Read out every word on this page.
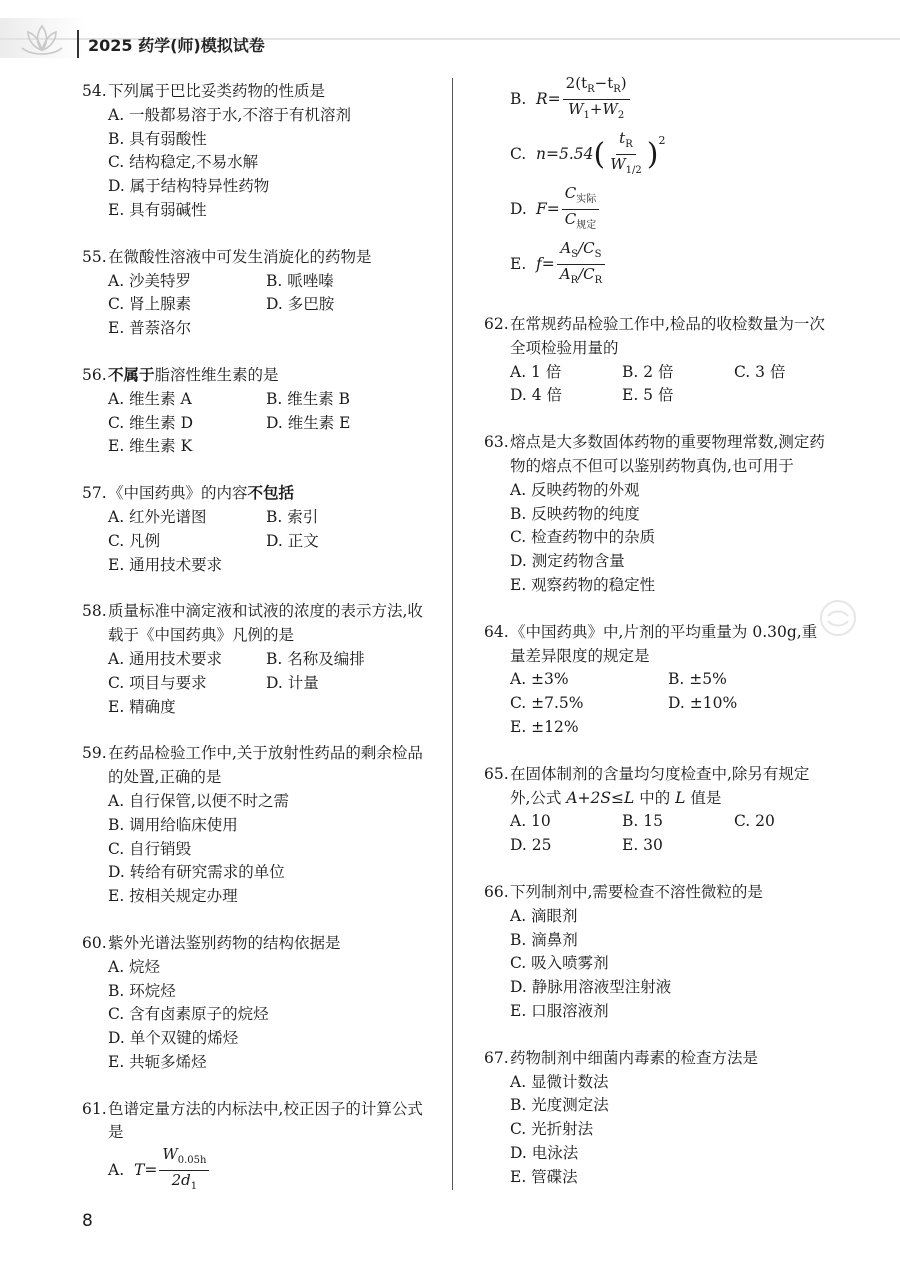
2025 药学(师)模拟试卷
54. 下列属于巴比妥类药物的性质是
A. 一般都易溶于水,不溶于有机溶剂
B. 具有弱酸性
C. 结构稳定,不易水解
D. 属于结构特异性药物
E. 具有弱碱性
55. 在微酸性溶液中可发生消旋化的药物是
A. 沙美特罗	B. 哌唑嗪
C. 肾上腺素	D. 多巴胺
E. 普萘洛尔
56. 不属于脂溶性维生素的是
A. 维生素 A	B. 维生素 B
C. 维生素 D	D. 维生素 E
E. 维生素 K
57. 《中国药典》的内容不包括
A. 红外光谱图	B. 索引
C. 凡例	D. 正文
E. 通用技术要求
58. 质量标准中滴定液和试液的浓度的表示方法,收载于《中国药典》凡例的是
A. 通用技术要求	B. 名称及编排
C. 项目与要求	D. 计量
E. 精确度
59. 在药品检验工作中,关于放射性药品的剩余检品的处置,正确的是
A. 自行保管,以便不时之需
B. 调用给临床使用
C. 自行销毁
D. 转给有研究需求的单位
E. 按相关规定办理
60. 紫外光谱法鉴别药物的结构依据是
A. 烷烃
B. 环烷烃
C. 含有卤素原子的烷烃
D. 单个双键的烯烃
E. 共轭多烯烃
61. 色谱定量方法的内标法中,校正因子的计算公式是
A. $T= \frac{W_{0.05h}}{2d_1}$
B. $R= \frac{2(t_R-t_R)}{W_1+W_2}$
C. n=5.54 ( $\frac{t_R}{W_{1/2}} )^2$
D. $F= \frac{C_{实际}}{C_{规定}}$
E. $f= \frac{A_S/C_S}{A_R/C_R}$
62. 在常规药品检验工作中,检品的收检数量为一次全项检验用量的
A. 1 倍	B. 2 倍	C. 3 倍
D. 4 倍	E. 5 倍
63. 熔点是大多数固体药物的重要物理常数,测定药物的熔点不但可以鉴别药物真伪,也可用于
A. 反映药物的外观
B. 反映药物的纯度
C. 检查药物中的杂质
D. 测定药物含量
E. 观察药物的稳定性
64. 《中国药典》中,片剂的平均重量为 0.30g,重量差异限度的规定是
A. ±3%	B. ±5%
C. ±7.5%	D. ±10%
E. ±12%
65. 在固体制剂的含量均匀度检查中,除另有规定外,公式 A+2S≤L 中的 L 值是
A. 10	B. 15	C. 20
D. 25	E. 30
66. 下列制剂中,需要检查不溶性微粒的是
A. 滴眼剂
B. 滴鼻剂
C. 吸入喷雾剂
D. 静脉用溶液型注射液
E. 口服溶液剂
67. 药物制剂中细菌内毒素的检查方法是
A. 显微计数法
B. 光度测定法
C. 光折射法
D. 电泳法
E. 管碟法
8
